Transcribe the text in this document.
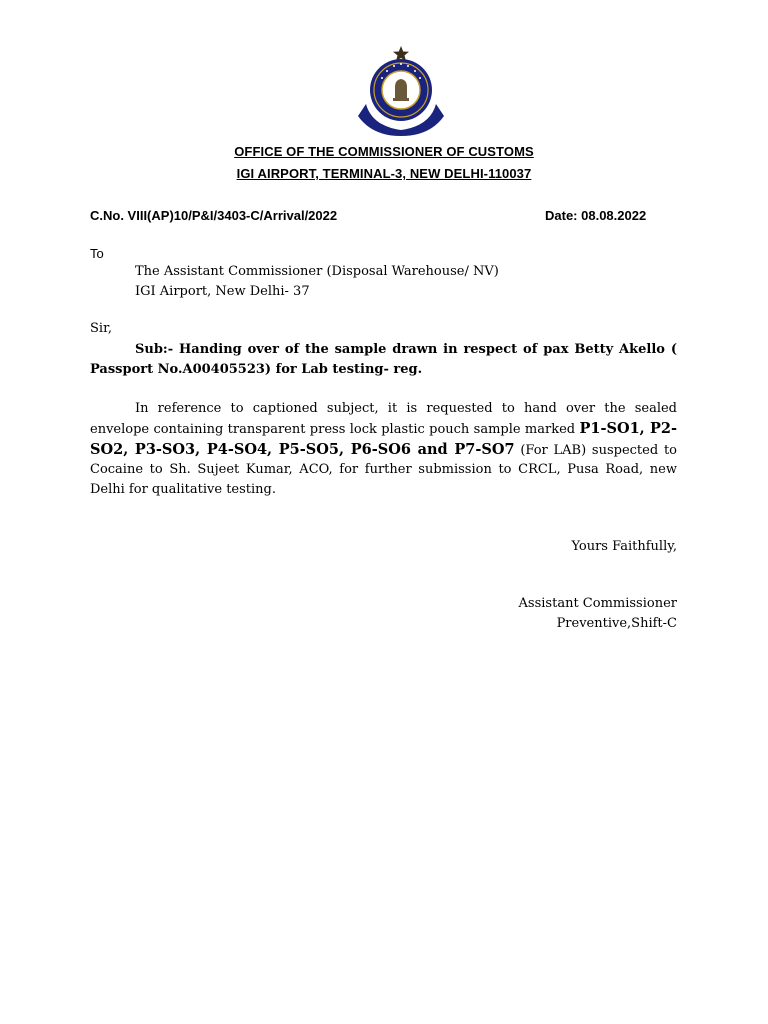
OFFICE OF THE COMMISSIONER OF CUSTOMS
IGI AIRPORT, TERMINAL-3, NEW DELHI-110037
C.No. VIII(AP)10/P&I/3403-C/Arrival/2022	Date: 08.08.2022
To
The Assistant Commissioner (Disposal Warehouse/ NV)
IGI Airport, New Delhi- 37
Sir,
Sub:- Handing over of the sample drawn in respect of pax Betty Akello ( Passport No.A00405523) for Lab testing- reg.
In reference to captioned subject, it is requested to hand over the sealed envelope containing transparent press lock plastic pouch sample marked P1-SO1, P2-SO2, P3-SO3, P4-SO4, P5-SO5, P6-SO6 and P7-SO7 (For LAB) suspected to Cocaine to Sh. Sujeet Kumar, ACO, for further submission to CRCL, Pusa Road, new Delhi for qualitative testing.
Yours Faithfully,
Assistant Commissioner
Preventive,Shift-C
